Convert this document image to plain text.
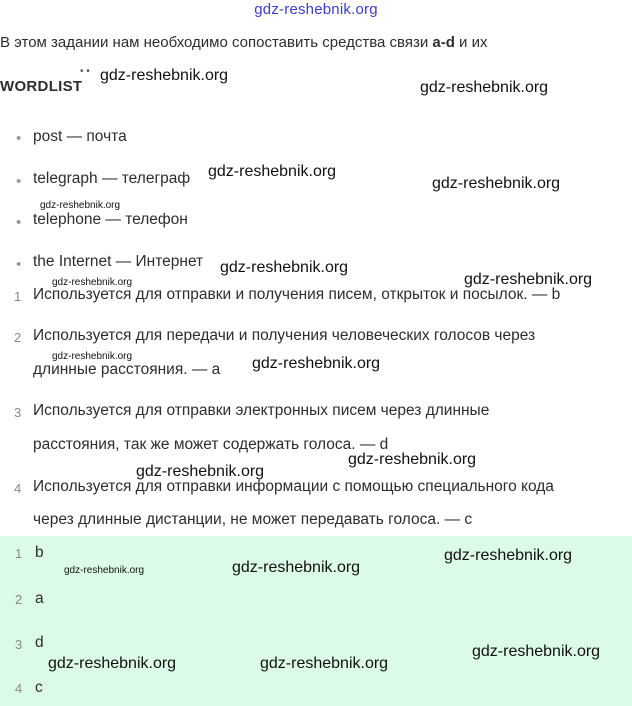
gdz-reshebnik.org
В этом задании нам необходимо сопоставить средства связи a-d и их
• •
WORDLIST
• post — почта
• telegraph — телеграф
• telephone — телефон
• the Internet — Интернет
1 Используется для отправки и получения писем, открыток и посылок. — b
2 Используется для передачи и получения человеческих голосов через
длинные расстояния. — a
3 Используется для отправки электронных писем через длинные
расстояния, так же может содержать голоса. — d
4 Используется для отправки информации с помощью специального кода
через длинные дистанции, не может передавать голоса. — c
1 b
2 a
3 d
4 c
gdz-reshebnik.org
gdz-reshebnik.org
gdz-reshebnik.org
gdz-reshebnik.org
gdz-reshebnik.org
gdz-reshebnik.org
gdz-reshebnik.org	gdz-reshebnik.org
gdz-reshebnik.org	gdz-reshebnik.org
gdz-reshebnik.org
gdz-reshebnik.org
gdz-reshebnik.org
gdz-reshebnik.org	gdz-reshebnik.org
gdz-reshebnik.org
gdz-reshebnik.org	gdz-reshebnik.org
